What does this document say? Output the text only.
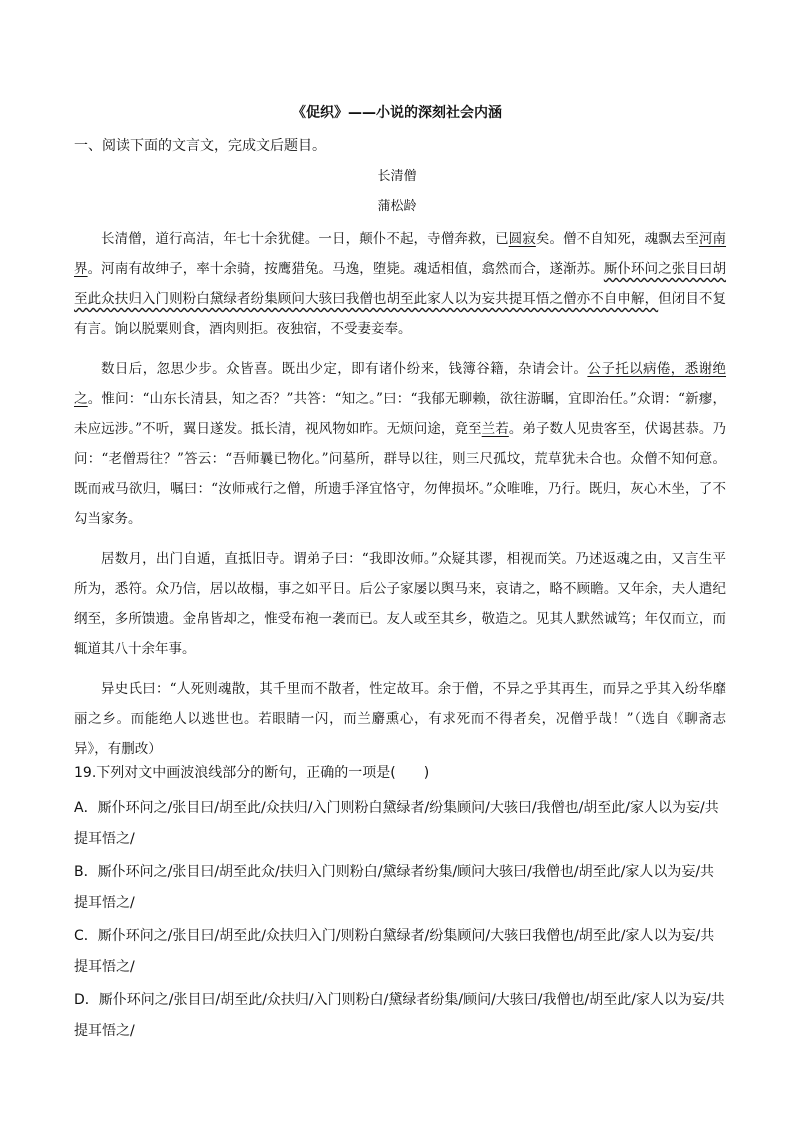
《促织》——小说的深刻社会内涵
一、阅读下面的文言文，完成文后题目。
长清僧
蒲松龄

长清僧，道行高洁，年七十余犹健。一日，颠仆不起，寺僧奔救，已圆寂矣。僧不自知死，魂飘去至河南界。河南有故绅子，率十余骑，按鹰猎兔。马逸，堕毙。魂适相值，翕然而合，遂渐苏。厮仆环问之张目曰胡至此众扶归入门则粉白黛绿者纷集顾问大骇曰我僧也胡至此家人以为妄共提耳悟之僧亦不自申解，但闭目不复有言。饷以脱粟则食，酒肉则拒。夜独宿，不受妻妾奉。

数日后，忽思少步。众皆喜。既出少定，即有诸仆纷来，钱簿谷籍，杂请会计。公子托以病倦，悉谢绝之。惟问：“山东长清县，知之否？”共答：“知之。”曰：“我郁无聊赖，欲往游瞩，宜即治任。”众谓：“新瘳，未应远涉。”不听，翼日遂发。抵长清，视风物如昨。无烦问途，竟至兰若。弟子数人见贵客至，伏谒甚恭。乃问：“老僧焉往？”答云：“吾师曩已物化。”问墓所，群导以往，则三尺孤坟，荒草犹未合也。众僧不知何意。既而戒马欲归，嘱曰：“汝师戒行之僧，所遗手泽宜恪守，勿俾损坏。”众唯唯，乃行。既归，灰心木坐，了不勾当家务。

居数月，出门自遁，直抵旧寺。谓弟子曰：“我即汝师。”众疑其谬，相视而笑。乃述返魂之由，又言生平所为，悉符。众乃信，居以故榻，事之如平日。后公子家屡以舆马来，哀请之，略不顾瞻。又年余，夫人遣纪纲至，多所馈遗。金帛皆却之，惟受布袍一袭而已。友人或至其乡，敬造之。见其人默然诚笃；年仅而立，而辄道其八十余年事。

异史氏曰：“人死则魂散，其千里而不散者，性定故耳。余于僧，不异之乎其再生，而异之乎其入纷华靡丽之乡。而能绝人以逃世也。若眼睛一闪，而兰麝熏心，有求死而不得者矣，况僧乎哉！”（选自《聊斋志异》，有删改）

19.下列对文中画波浪线部分的断句，正确的一项是(　　)
A．厮仆环问之/张目曰/胡至此/众扶归/入门则粉白黛绿者/纷集顾问/大骇曰/我僧也/胡至此/家人以为妄/共提耳悟之/
B．厮仆环问之/张目曰/胡至此众/扶归入门则粉白/黛绿者纷集/顾问大骇曰/我僧也/胡至此/家人以为妄/共提耳悟之/
C．厮仆环问之/张目曰/胡至此/众扶归入门/则粉白黛绿者/纷集顾问/大骇曰我僧也/胡至此/家人以为妄/共提耳悟之/
D．厮仆环问之/张目曰/胡至此/众扶归/入门则粉白/黛绿者纷集/顾问/大骇曰/我僧也/胡至此/家人以为妄/共提耳悟之/
